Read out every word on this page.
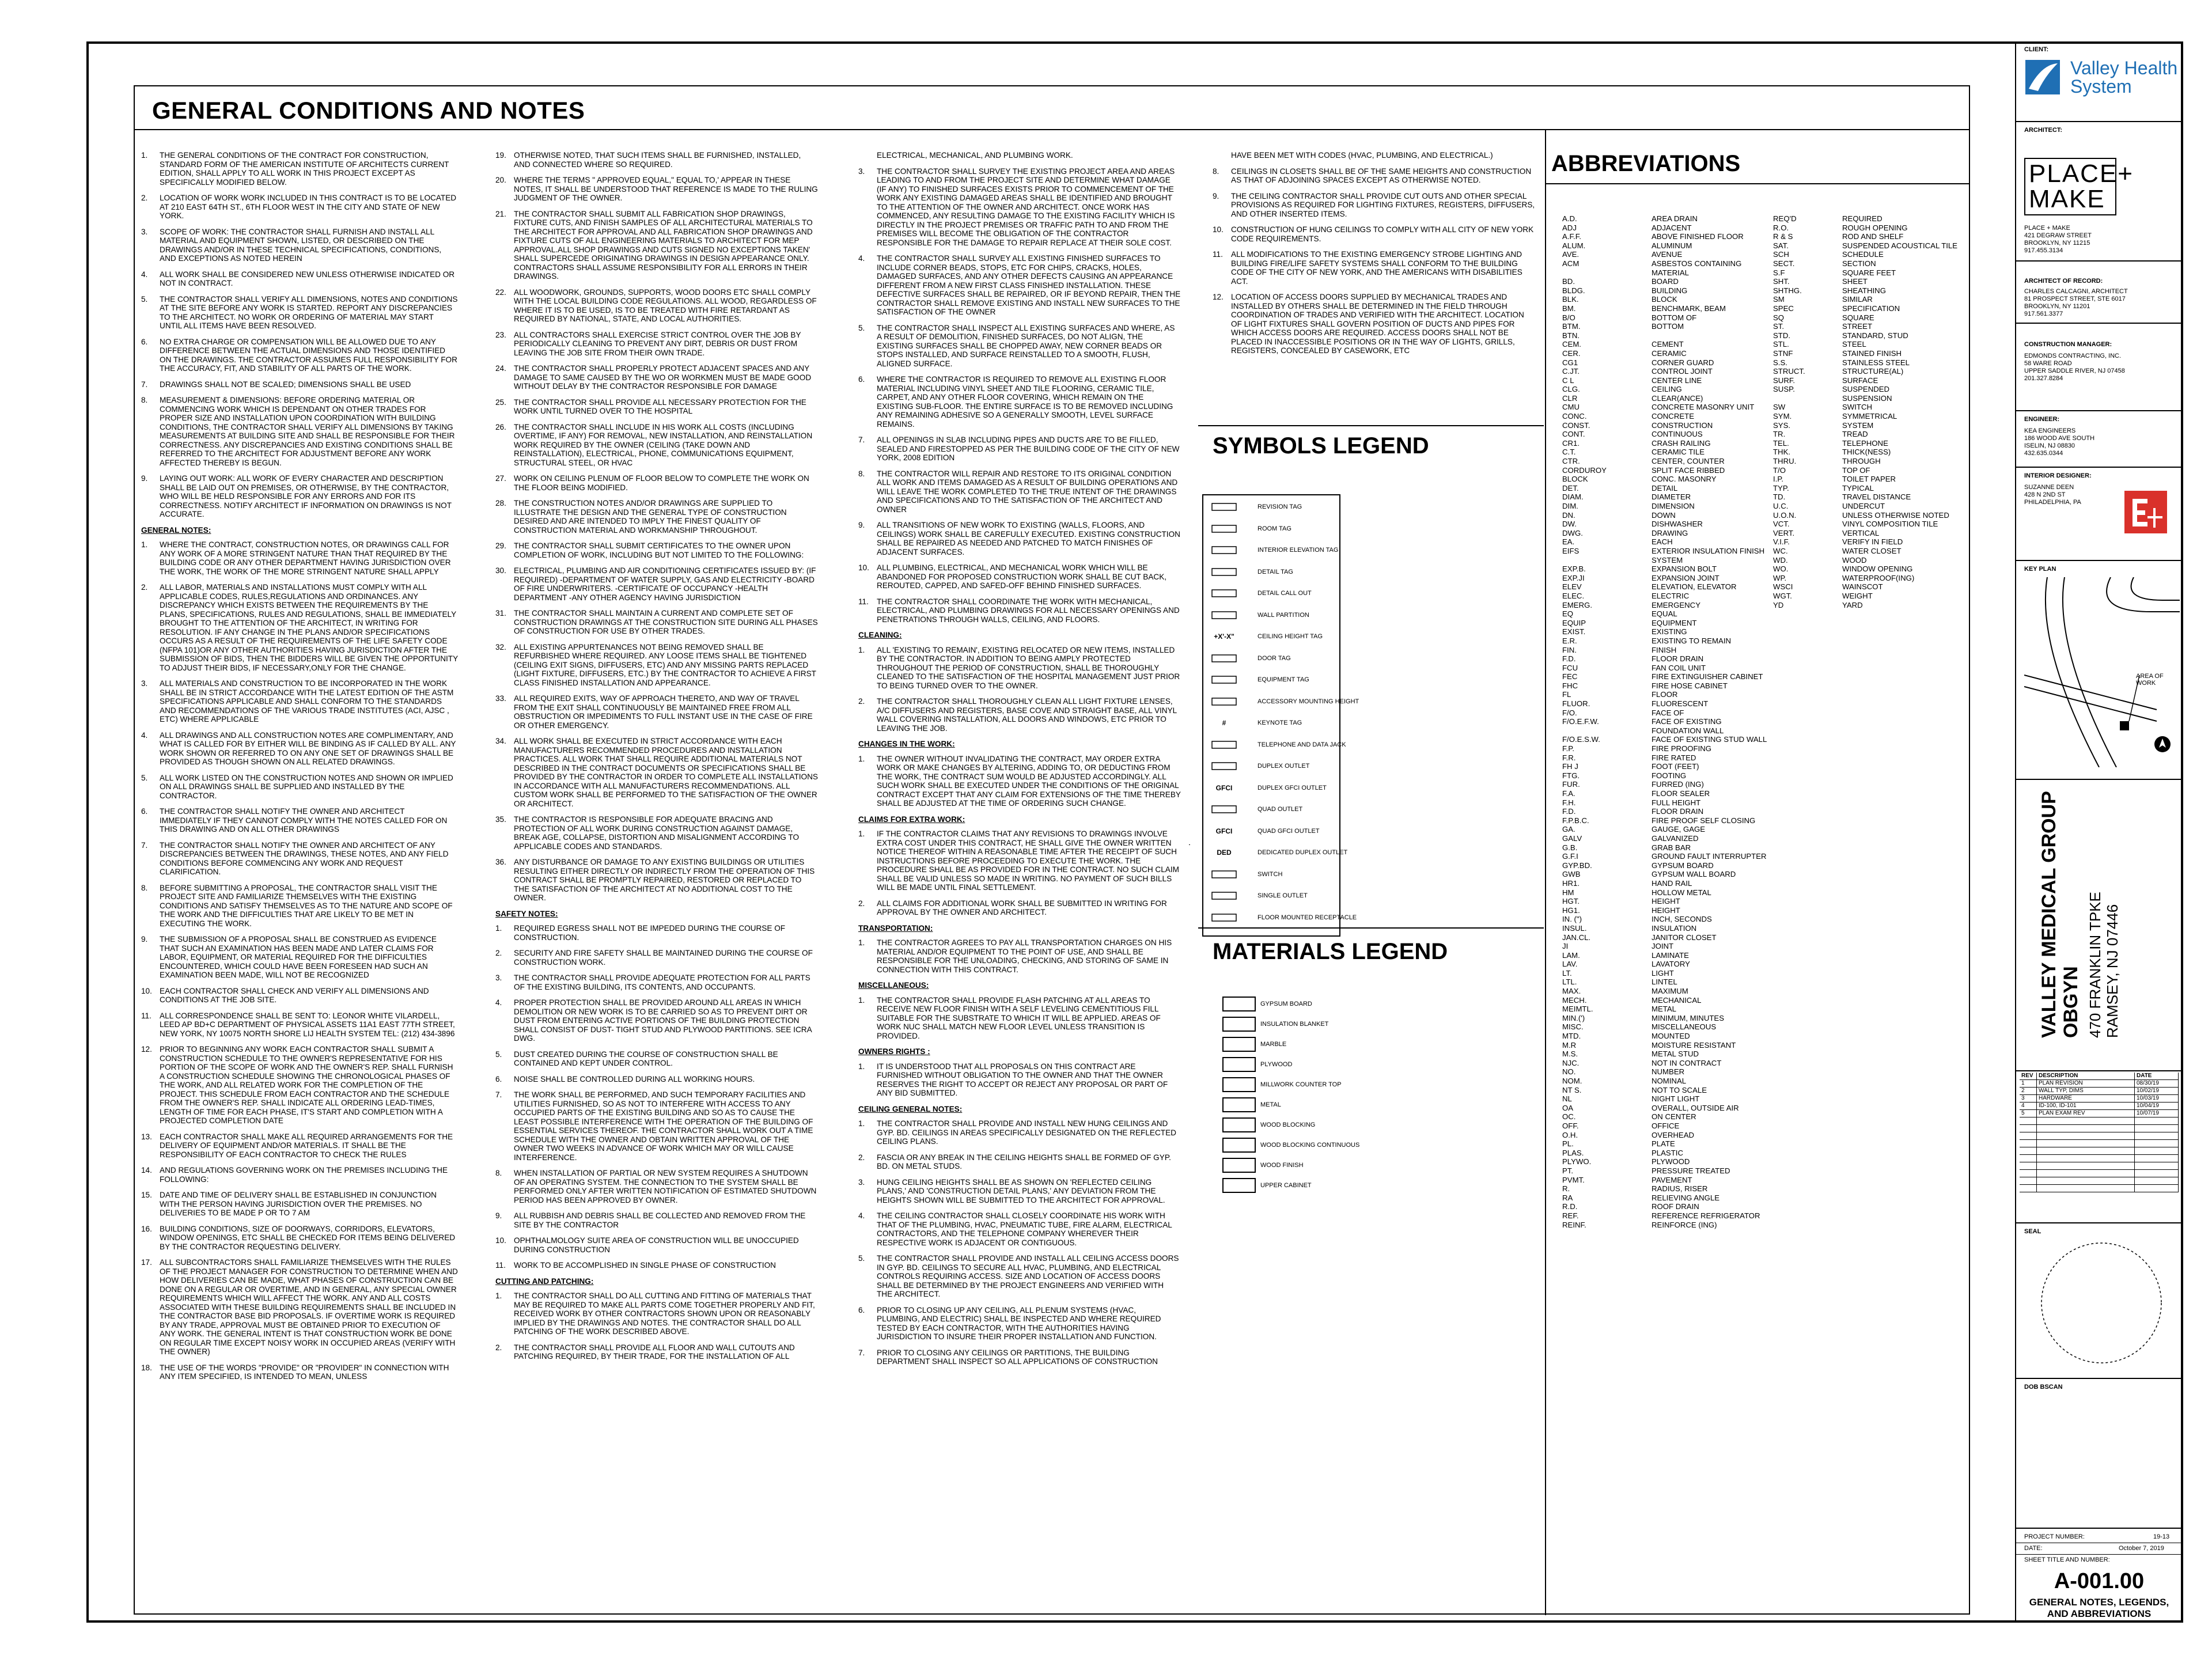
GENERAL CONDITIONS AND NOTES
1.	THE GENERAL CONDITIONS OF THE CONTRACT FOR CONSTRUCTION, STANDARD FORM OF THE AMERICAN INSTITUTE OF ARCHITECTS CURRENT EDITION, SHALL APPLY TO ALL WORK IN THIS PROJECT EXCEPT AS SPECIFICALLY MODIFIED BELOW.
2.	LOCATION OF WORK WORK INCLUDED IN THIS CONTRACT IS TO BE LOCATED AT 210 EAST 64TH ST., 6TH FLOOR WEST IN THE CITY AND STATE OF NEW YORK.
3.	SCOPE OF WORK: THE CONTRACTOR SHALL FURNISH AND INSTALL ALL MATERIAL AND EQUIPMENT SHOWN, LISTED, OR DESCRIBED ON THE DRAWINGS AND/OR IN THESE TECHNICAL SPECIFICATIONS, CONDITIONS, AND EXCEPTIONS AS NOTED HEREIN
4.	ALL WORK SHALL BE CONSIDERED NEW UNLESS OTHERWISE INDICATED OR NOT IN CONTRACT.
5.	THE CONTRACTOR SHALL VERIFY ALL DIMENSIONS, NOTES AND CONDITIONS AT THE SITE BEFORE ANY WORK IS STARTED. REPORT ANY DISCREPANCIES TO THE ARCHITECT. NO WORK OR ORDERING OF MATERIAL MAY START UNTIL ALL ITEMS HAVE BEEN RESOLVED.
6.	NO EXTRA CHARGE OR COMPENSATION WILL BE ALLOWED DUE TO ANY DIFFERENCE BETWEEN THE ACTUAL DIMENSIONS AND THOSE IDENTIFIED ON THE DRAWINGS. THE CONTRACTOR ASSUMES FULL RESPONSIBILITY FOR THE ACCURACY, FIT, AND STABILITY OF ALL PARTS OF THE WORK.
7.	DRAWINGS SHALL NOT BE SCALED; DIMENSIONS SHALL BE USED
8.	MEASUREMENT & DIMENSIONS: BEFORE ORDERING MATERIAL OR COMMENCING WORK WHICH IS DEPENDANT ON OTHER TRADES FOR PROPER SIZE AND INSTALLATION UPON COORDINATION WITH BUILDING CONDITIONS, THE CONTRACTOR SHALL VERIFY ALL DIMENSIONS BY TAKING MEASUREMENTS AT BUILDING SITE AND SHALL BE RESPONSIBLE FOR THEIR CORRECTNESS. ANY DISCREPANCIES AND EXISTING CONDITIONS SHALL BE REFERRED TO THE ARCHITECT FOR ADJUSTMENT BEFORE ANY WORK AFFECTED THEREBY IS BEGUN.
9.	LAYING OUT WORK: ALL WORK OF EVERY CHARACTER AND DESCRIPTION SHALL BE LAID OUT ON PREMISES, OR OTHERWISE, BY THE CONTRACTOR, WHO WILL BE HELD RESPONSIBLE FOR ANY ERRORS AND FOR ITS CORRECTNESS. NOTIFY ARCHITECT IF INFORMATION ON DRAWINGS IS NOT ACCURATE.
GENERAL NOTES:
1.	WHERE THE CONTRACT, CONSTRUCTION NOTES, OR DRAWINGS CALL FOR ANY WORK OF A MORE STRINGENT NATURE THAN THAT REQUIRED BY THE BUILDING CODE OR ANY OTHER DEPARTMENT HAVING JURISDICTION OVER THE WORK, THE WORK OF THE MORE STRINGENT NATURE SHALL APPLY
2.	ALL LABOR, MATERIALS AND INSTALLATIONS MUST COMPLY WITH ALL APPLICABLE CODES, RULES,REGULATIONS AND ORDINANCES. ANY DISCREPANCY WHICH EXISTS BETWEEN THE REQUIREMENTS BY THE PLANS, SPECIFICATIONS, RULES AND REGULATIONS, SHALL BE IMMEDIATELY BROUGHT TO THE ATTENTION OF THE ARCHITECT, IN WRITING FOR RESOLUTION. IF ANY CHANGE IN THE PLANS AND/OR SPECIFICATIONS OCCURS AS A RESULT OF THE REQUIREMENTS OF THE LIFE SAFETY CODE (NFPA 101)OR ANY OTHER AUTHORITIES HAVING JURISDICTION AFTER THE SUBMISSION OF BIDS, THEN THE BIDDERS WILL BE GIVEN THE OPPORTUNITY TO ADJUST THEIR BIDS, IF NECESSARY,ONLY FOR THE CHANGE.
3.	ALL MATERIALS AND CONSTRUCTION TO BE INCORPORATED IN THE WORK SHALL BE IN STRICT ACCORDANCE WITH THE LATEST EDITION OF THE ASTM SPECIFICATIONS APPLICABLE AND SHALL CONFORM TO THE STANDARDS AND RECOMMENDATIONS OF THE VARIOUS TRADE INSTITUTES (ACI, AJSC , ETC) WHERE APPLICABLE
4.	ALL DRAWINGS AND ALL CONSTRUCTION NOTES ARE COMPLIMENTARY, AND WHAT IS CALLED FOR BY EITHER WILL BE BINDING AS IF CALLED BY ALL. ANY WORK SHOWN OR REFERRED TO ON ANY ONE SET OF DRAWINGS SHALL BE PROVIDED AS THOUGH SHOWN ON ALL RELATED DRAWINGS.
5.	ALL WORK LISTED ON THE CONSTRUCTION NOTES AND SHOWN OR IMPLIED ON ALL DRAWINGS SHALL BE SUPPLIED AND INSTALLED BY THE CONTRACTOR.
6.	THE CONTRACTOR SHALL NOTIFY THE OWNER AND ARCHITECT IMMEDIATELY IF THEY CANNOT COMPLY WITH THE NOTES CALLED FOR ON THIS DRAWING AND ON ALL OTHER DRAWINGS
7.	THE CONTRACTOR SHALL NOTIFY THE OWNER AND ARCHITECT OF ANY DISCREPANCIES BETWEEN THE DRAWINGS, THESE NOTES, AND ANY FIELD CONDITIONS BEFORE COMMENCING ANY WORK AND REQUEST CLARIFICATION.
8.	BEFORE SUBMITTING A PROPOSAL, THE CONTRACTOR SHALL VISIT THE PROJECT SITE AND FAMILIARIZE THEMSELVES WITH THE EXISTING CONDITIONS AND SATISFY THEMSELVES AS TO THE NATURE AND SCOPE OF THE WORK AND THE DIFFICULTIES THAT ARE LIKELY TO BE MET IN EXECUTING THE WORK.
9.	THE SUBMISSION OF A PROPOSAL SHALL BE CONSTRUED AS EVIDENCE THAT SUCH AN EXAMINATION HAS BEEN MADE AND LATER CLAIMS FOR LABOR, EQUIPMENT, OR MATERIAL REQUIRED FOR THE DIFFICULTIES ENCOUNTERED, WHICH COULD HAVE BEEN FORESEEN HAD SUCH AN EXAMINATION BEEN MADE, WILL NOT BE RECOGNIZED
10. EACH CONTRACTOR SHALL CHECK AND VERIFY ALL DIMENSIONS AND CONDITIONS AT THE JOB SITE.
11.	ALL CORRESPONDENCE SHALL BE SENT TO: LEONOR WHITE VILARDELL, LEED AP BD+C DEPARTMENT OF PHYSICAL ASSETS 11A1 EAST 77TH STREET, NEW YORK, NY 10075 NORTH SHORE LIJ HEALTH SYSTEM TEL: (212) 434-3896
12. PRIOR TO BEGINNING ANY WORK EACH CONTRACTOR SHALL SUBMIT A CONSTRUCTION SCHEDULE TO THE OWNER'S REPRESENTATIVE FOR HIS PORTION OF THE SCOPE OF WORK AND THE OWNER'S REP. SHALL FURNISH A CONSTRUCTION SCHEDULE SHOWING THE CHRONOLOGICAL PHASES OF THE WORK, AND ALL RELATED WORK FOR THE COMPLETION OF THE PROJECT. THIS SCHEDULE FROM EACH CONTRACTOR AND THE SCHEDULE FROM THE OWNER'S REP. SHALL INDICATE ALL ORDERING LEAD-TIMES, LENGTH OF TIME FOR EACH PHASE, IT'S START AND COMPLETION WITH A PROJECTED COMPLETION DATE
13. EACH CONTRACTOR SHALL MAKE ALL REQUIRED ARRANGEMENTS FOR THE DELIVERY OF EQUIPMENT AND/OR MATERIALS. IT SHALL BE THE RESPONSIBILITY OF EACH CONTRACTOR TO CHECK THE RULES
14. AND REGULATIONS GOVERNING WORK ON THE PREMISES INCLUDING THE FOLLOWING:
15. DATE AND TIME OF DELIVERY SHALL BE ESTABLISHED IN CONJUNCTION WITH THE PERSON HAVING JURISDICTION OVER THE PREMISES. NO DELIVERIES TO BE MADE P OR TO 7 AM
16. BUILDING CONDITIONS, SIZE OF DOORWAYS, CORRIDORS, ELEVATORS, WINDOW OPENINGS, ETC SHALL BE CHECKED FOR ITEMS BEING DELIVERED BY THE CONTRACTOR REQUESTING DELIVERY.
17. ALL SUBCONTRACTORS SHALL FAMILIARIZE THEMSELVES WITH THE RULES OF THE PROJECT MANAGER FOR CONSTRUCTION TO DETERMINE WHEN AND HOW DELIVERIES CAN BE MADE, WHAT PHASES OF CONSTRUCTION CAN BE DONE ON A REGULAR OR OVERTIME, AND IN GENERAL, ANY SPECIAL OWNER REQUIREMENTS WHICH WILL AFFECT THE WORK. ANY AND ALL COSTS ASSOCIATED WITH THESE BUILDING REQUIREMENTS SHALL BE INCLUDED IN THE CONTRACTOR BASE BID PROPOSALS. IF OVERTIME WORK IS REQUIRED BY ANY TRADE, APPROVAL MUST BE OBTAINED PRIOR TO EXECUTION OF ANY WORK. THE GENERAL INTENT IS THAT CONSTRUCTION WORK BE DONE ON REGULAR TIME EXCEPT NOISY WORK IN OCCUPIED AREAS (VERIFY WITH THE OWNER)
18. THE USE OF THE WORDS "PROVIDE" OR "PROVIDER" IN CONNECTION WITH ANY ITEM SPECIFIED, IS INTENDED TO MEAN, UNLESS
19. OTHERWISE NOTED, THAT SUCH ITEMS SHALL BE FURNISHED, INSTALLED, AND CONNECTED WHERE SO REQUIRED.
20. WHERE THE TERMS " APPROVED EQUAL," EQUAL TO,' APPEAR IN THESE NOTES, IT SHALL BE UNDERSTOOD THAT REFERENCE IS MADE TO THE RULING JUDGMENT OF THE OWNER.
21. THE CONTRACTOR SHALL SUBMIT ALL FABRICATION SHOP DRAWINGS, FIXTURE CUTS, AND FINISH SAMPLES OF ALL ARCHITECTURAL MATERIALS TO THE ARCHITECT FOR APPROVAL AND ALL FABRICATION SHOP DRAWINGS AND FIXTURE CUTS OF ALL ENGINEERING MATERIALS TO ARCHITECT FOR MEP APPROVAL.ALL SHOP DRAWINGS AND CUTS SIGNED NO EXCEPTIONS TAKEN' SHALL SUPERCEDE ORIGINATING DRAWINGS IN DESIGN APPEARANCE ONLY. CONTRACTORS SHALL ASSUME RESPONSIBILITY FOR ALL ERRORS IN THEIR DRAWINGS.
22. ALL WOODWORK, GROUNDS, SUPPORTS, WOOD DOORS ETC SHALL COMPLY WITH THE LOCAL BUILDING CODE REGULATIONS. ALL WOOD, REGARDLESS OF WHERE IT IS TO BE USED, IS TO BE TREATED WITH FIRE RETARDANT AS REQUIRED BY NATIONAL, STATE, AND LOCAL AUTHORITIES.
23. ALL CONTRACTORS SHALL EXERCISE STRICT CONTROL OVER THE JOB BY PERIODICALLY CLEANING TO PREVENT ANY DIRT, DEBRIS OR DUST FROM LEAVING THE JOB SITE FROM THEIR OWN TRADE.
24. THE CONTRACTOR SHALL PROPERLY PROTECT ADJACENT SPACES AND ANY DAMAGE TO SAME CAUSED BY THE WO OR WORKMEN MUST BE MADE GOOD WITHOUT DELAY BY THE CONTRACTOR RESPONSIBLE FOR DAMAGE
25. THE CONTRACTOR SHALL PROVIDE ALL NECESSARY PROTECTION FOR THE WORK UNTIL TURNED OVER TO THE HOSPITAL
26. THE CONTRACTOR SHALL INCLUDE IN HIS WORK ALL COSTS (INCLUDING OVERTIME, IF ANY) FOR REMOVAL, NEW INSTALLATION, AND REINSTALLATION WORK REQUIRED BY THE OWNER (CEILING (TAKE DOWN AND REINSTALLATION), ELECTRICAL, PHONE, COMMUNICATIONS EQUIPMENT, STRUCTURAL STEEL, OR HVAC
27. WORK ON CEILING PLENUM OF FLOOR BELOW TO COMPLETE THE WORK ON THE FLOOR BEING MODIFIED.
28. THE CONSTRUCTION NOTES AND/OR DRAWINGS ARE SUPPLIED TO ILLUSTRATE THE DESIGN AND THE GENERAL TYPE OF CONSTRUCTION DESIRED AND ARE INTENDED TO IMPLY THE FINEST QUALITY OF CONSTRUCTION MATERIAL AND WORKMANSHIP THROUGHOUT.
29. THE CONTRACTOR SHALL SUBMIT CERTIFICATES TO THE OWNER UPON COMPLETION OF WORK, INCLUDING BUT NOT LIMITED TO THE FOLLOWING:
30. ELECTRICAL, PLUMBING AND AIR CONDITIONING CERTIFICATES ISSUED BY: (IF REQUIRED) -DEPARTMENT OF WATER SUPPLY, GAS AND ELECTRICITY -BOARD OF FIRE UNDERWRITERS. -CERTIFICATE OF OCCUPANCY -HEALTH DEPARTMENT -ANY OTHER AGENCY HAVING JURISDICTION
31. THE CONTRACTOR SHALL MAINTAIN A CURRENT AND COMPLETE SET OF CONSTRUCTION DRAWINGS AT THE CONSTRUCTION SITE DURING ALL PHASES OF CONSTRUCTION FOR USE BY OTHER TRADES.
32. ALL EXISTING APPURTENANCES NOT BEING REMOVED SHALL BE REFURBISHED WHERE REQUIRED. ANY LOOSE ITEMS SHALL BE TIGHTENED (CEILING EXIT SIGNS, DIFFUSERS, ETC) AND ANY MISSING PARTS REPLACED (LIGHT FIXTURE, DIFFUSERS, ETC.) BY THE CONTRACTOR TO ACHIEVE A FIRST CLASS FINISHED INSTALLATION AND APPEARANCE.
33. ALL REQUIRED EXITS, WAY OF APPROACH THERETO, AND WAY OF TRAVEL FROM THE EXIT SHALL CONTINUOUSLY BE MAINTAINED FREE FROM ALL OBSTRUCTION OR IMPEDIMENTS TO FULL INSTANT USE IN THE CASE OF FIRE OR OTHER EMERGENCY.
34. ALL WORK SHALL BE EXECUTED IN STRICT ACCORDANCE WITH EACH MANUFACTURERS RECOMMENDED PROCEDURES AND INSTALLATION PRACTICES. ALL WORK THAT SHALL REQUIRE ADDITIONAL MATERIALS NOT DESCRIBED IN THE CONTRACT DOCUMENTS OR SPECIFICATIONS SHALL BE PROVIDED BY THE CONTRACTOR IN ORDER TO COMPLETE ALL INSTALLATIONS IN ACCORDANCE WITH ALL MANUFACTURERS RECOMMENDATIONS. ALL CUSTOM WORK SHALL BE PERFORMED TO THE SATISFACTION OF THE OWNER OR ARCHITECT.
35. THE CONTRACTOR IS RESPONSIBLE FOR ADEQUATE BRACING AND PROTECTION OF ALL WORK DURING CONSTRUCTION AGAINST DAMAGE, BREAK AGE, COLLAPSE, DISTORTION AND MISALIGNMENT ACCORDING TO APPLICABLE CODES AND STANDARDS.
36. ANY DISTURBANCE OR DAMAGE TO ANY EXISTING BUILDINGS OR UTILITIES RESULTING EITHER DIRECTLY OR INDIRECTLY FROM THE OPERATION OF THIS CONTRACT SHALL BE PROMPTLY REPAIRED, RESTORED OR REPLACED TO THE SATISFACTION OF THE ARCHITECT AT NO ADDITIONAL COST TO THE OWNER.
SAFETY NOTES:
1.	REQUIRED EGRESS SHALL NOT BE IMPEDED DURING THE COURSE OF CONSTRUCTION.
2.	SECURITY AND FIRE SAFETY SHALL BE MAINTAINED DURING THE COURSE OF CONSTRUCTION WORK.
3.	THE CONTRACTOR SHALL PROVIDE ADEQUATE PROTECTION FOR ALL PARTS OF THE EXISTING BUILDING, ITS CONTENTS, AND OCCUPANTS.
4.	PROPER PROTECTION SHALL BE PROVIDED AROUND ALL AREAS IN WHICH DEMOLITION OR NEW WORK IS TO BE CARRIED SO AS TO PREVENT DIRT OR DUST FROM ENTERING ACTIVE PORTIONS OF THE BUILDING PROTECTION SHALL CONSIST OF DUST- TIGHT STUD AND PLYWOOD PARTITIONS. SEE ICRA DWG.
5.	DUST CREATED DURING THE COURSE OF CONSTRUCTION SHALL BE CONTAINED AND KEPT UNDER CONTROL.
6.	NOISE SHALL BE CONTROLLED DURING ALL WORKING HOURS.
7.	THE WORK SHALL BE PERFORMED, AND SUCH TEMPORARY FACILITIES AND UTILITIES FURNISHED, SO AS NOT TO INTERFERE WITH ACCESS TO ANY OCCUPIED PARTS OF THE EXISTING BUILDING AND SO AS TO CAUSE THE LEAST POSSIBLE INTERFERENCE WITH THE OPERATION OF THE BUILDING OF ESSENTIAL SERVICES THEREOF. THE CONTRACTOR SHALL WORK OUT A TIME SCHEDULE WITH THE OWNER AND OBTAIN WRITTEN APPROVAL OF THE OWNER TWO WEEKS IN ADVANCE OF WORK WHICH MAY OR WILL CAUSE INTERFERENCE.
8.	WHEN INSTALLATION OF PARTIAL OR NEW SYSTEM REQUIRES A SHUTDOWN OF AN OPERATING SYSTEM. THE CONNECTION TO THE SYSTEM SHALL BE PERFORMED ONLY AFTER WRITTEN NOTIFICATION OF ESTIMATED SHUTDOWN PERIOD HAS BEEN APPROVED BY OWNER.
9.	ALL RUBBISH AND DEBRIS SHALL BE COLLECTED AND REMOVED FROM THE SITE BY THE CONTRACTOR
10. OPHTHALMOLOGY SUITE AREA OF CONSTRUCTION WILL BE UNOCCUPIED DURING CONSTRUCTION
11.	WORK TO BE ACCOMPLISHED IN SINGLE PHASE OF CONSTRUCTION
CUTTING AND PATCHING:
1.	THE CONTRACTOR SHALL DO ALL CUTTING AND FITTING OF MATERIALS THAT MAY BE REQUIRED TO MAKE ALL PARTS COME TOGETHER PROPERLY AND FIT, RECEIVED WORK BY OTHER CONTRACTORS SHOWN UPON OR REASONABLY IMPLIED BY THE DRAWINGS AND NOTES. THE CONTRACTOR SHALL DO ALL PATCHING OF THE WORK DESCRIBED ABOVE.
2.	THE CONTRACTOR SHALL PROVIDE ALL FLOOR AND WALL CUTOUTS AND PATCHING REQUIRED, BY THEIR TRADE, FOR THE INSTALLATION OF ALL
ELECTRICAL, MECHANICAL, AND PLUMBING WORK.
3.	THE CONTRACTOR SHALL SURVEY THE EXISTING PROJECT AREA AND AREAS LEADING TO AND FROM THE PROJECT SITE AND DETERMINE WHAT DAMAGE (IF ANY) TO FINISHED SURFACES EXISTS PRIOR TO COMMENCEMENT OF THE WORK ANY EXISTING DAMAGED AREAS SHALL BE IDENTIFIED AND BROUGHT TO THE ATTENTION OF THE OWNER AND ARCHITECT. ONCE WORK HAS COMMENCED, ANY RESULTING DAMAGE TO THE EXISTING FACILITY WHICH IS DIRECTLY IN THE PROJECT PREMISES OR TRAFFIC PATH TO AND FROM THE PREMISES WILL BECOME THE OBLIGATION OF THE CONTRACTOR RESPONSIBLE FOR THE DAMAGE TO REPAIR REPLACE AT THEIR SOLE COST.
4.	THE CONTRACTOR SHALL SURVEY ALL EXISTING FINISHED SURFACES TO INCLUDE CORNER BEADS, STOPS, ETC FOR CHIPS, CRACKS, HOLES, DAMAGED SURFACES, AND ANY OTHER DEFECTS CAUSING AN APPEARANCE DIFFERENT FROM A NEW FIRST CLASS FINISHED INSTALLATION. THESE DEFECTIVE SURFACES SHALL BE REPAIRED, OR IF BEYOND REPAIR, THEN THE CONTRACTOR SHALL REMOVE EXISTING AND INSTALL NEW SURFACES TO THE SATISFACTION OF THE OWNER
5.	THE CONTRACTOR SHALL INSPECT ALL EXISTING SURFACES AND WHERE, AS A RESULT OF DEMOLITION, FINISHED SURFACES, DO NOT ALIGN, THE EXISTING SURFACES SHALL BE CHOPPED AWAY, NEW CORNER BEADS OR STOPS INSTALLED, AND SURFACE REINSTALLED TO A SMOOTH, FLUSH, ALIGNED SURFACE.
6.	WHERE THE CONTRACTOR IS REQUIRED TO REMOVE ALL EXISTING FLOOR MATERIAL INCLUDING VINYL SHEET AND TILE FLOORING, CERAMIC TILE, CARPET, AND ANY OTHER FLOOR COVERING, WHICH REMAIN ON THE EXISTING SUB-FLOOR. THE ENTIRE SURFACE IS TO BE REMOVED INCLUDING ANY REMAINING ADHESIVE SO A GENERALLY SMOOTH, LEVEL SURFACE REMAINS.
7.	ALL OPENINGS IN SLAB INCLUDING PIPES AND DUCTS ARE TO BE FILLED, SEALED AND FIRESTOPPED AS PER THE BUILDING CODE OF THE CITY OF NEW YORK, 2008 EDITION
8.	THE CONTRACTOR WILL REPAIR AND RESTORE TO ITS ORIGINAL CONDITION ALL WORK AND ITEMS DAMAGED AS A RESULT OF BUILDING OPERATIONS AND WILL LEAVE THE WORK COMPLETED TO THE TRUE INTENT OF THE DRAWINGS AND SPECIFICATIONS AND TO THE SATISFACTION OF THE ARCHITECT AND OWNER
9.	ALL TRANSITIONS OF NEW WORK TO EXISTING (WALLS, FLOORS, AND CEILINGS) WORK SHALL BE CAREFULLY EXECUTED. EXISTING CONSTRUCTION SHALL BE REPAIRED AS NEEDED AND PATCHED TO MATCH FINISHES OF ADJACENT SURFACES.
10. ALL PLUMBING, ELECTRICAL, AND MECHANICAL WORK WHICH WILL BE ABANDONED FOR PROPOSED CONSTRUCTION WORK SHALL BE CUT BACK, REROUTED, CAPPED, AND SAFED-OFF BEHIND FINISHED SURFACES.
11.	THE CONTRACTOR SHALL COORDINATE THE WORK WITH MECHANICAL, ELECTRICAL, AND PLUMBING DRAWINGS FOR ALL NECESSARY OPENINGS AND PENETRATIONS THROUGH WALLS, CEILING, AND FLOORS.
CLEANING:
1.	ALL 'EXISTING TO REMAIN', EXISTING RELOCATED OR NEW ITEMS, INSTALLED BY THE CONTRACTOR. IN ADDITION TO BEING AMPLY PROTECTED THROUGHOUT THE PERIOD OF CONSTRUCTION, SHALL BE THOROUGHLY CLEANED TO THE SATISFACTION OF THE HOSPITAL MANAGEMENT JUST PRIOR TO BEING TURNED OVER TO THE OWNER.
2.	THE CONTRACTOR SHALL THOROUGHLY CLEAN ALL LIGHT FIXTURE LENSES, A/C DIFFUSERS AND REGISTERS, BASE COVE AND STRAIGHT BASE, ALL VINYL WALL COVERING INSTALLATION, ALL DOORS AND WINDOWS, ETC PRIOR TO LEAVING THE JOB.
CHANGES IN THE WORK:
1.	THE OWNER WITHOUT INVALIDATING THE CONTRACT, MAY ORDER EXTRA WORK OR MAKE CHANGES BY ALTERING, ADDING TO, OR DEDUCTING FROM THE WORK, THE CONTRACT SUM WOULD BE ADJUSTED ACCORDINGLY. ALL SUCH WORK SHALL BE EXECUTED UNDER THE CONDITIONS OF THE ORIGINAL CONTRACT EXCEPT THAT ANY CLAIM FOR EXTENSIONS OF THE TIME THEREBY SHALL BE ADJUSTED AT THE TIME OF ORDERING SUCH CHANGE.
CLAIMS FOR EXTRA WORK:
1.	IF THE CONTRACTOR CLAIMS THAT ANY REVISIONS TO DRAWINGS INVOLVE EXTRA COST UNDER THIS CONTRACT, HE SHALL GIVE THE OWNER WRITTEN NOTICE THEREOF WITHIN A REASONABLE TIME AFTER THE RECEIPT OF SUCH INSTRUCTIONS BEFORE PROCEEDING TO EXECUTE THE WORK. THE PROCEDURE SHALL BE AS PROVIDED FOR IN THE CONTRACT. NO SUCH CLAIM SHALL BE VALID UNLESS SO MADE IN WRITING. NO PAYMENT OF SUCH BILLS WILL BE MADE UNTIL FINAL SETTLEMENT.
2.	ALL CLAIMS FOR ADDITIONAL WORK SHALL BE SUBMITTED IN WRITING FOR APPROVAL BY THE OWNER AND ARCHITECT.
TRANSPORTATION:
1.	THE CONTRACTOR AGREES TO PAY ALL TRANSPORTATION CHARGES ON HIS MATERIAL AND/OR EQUIPMENT TO THE POINT OF USE, AND SHALL BE RESPONSIBLE FOR THE UNLOADING, CHECKING, AND STORING OF SAME IN CONNECTION WITH THIS CONTRACT.
MISCELLANEOUS:
1.	THE CONTRACTOR SHALL PROVIDE FLASH PATCHING AT ALL AREAS TO RECEIVE NEW FLOOR FINISH WITH A SELF LEVELING CEMENTITIOUS FILL SUITABLE FOR THE SUBSTRATE TO WHICH IT WILL BE APPLIED. AREAS OF WORK NUC SHALL MATCH NEW FLOOR LEVEL UNLESS TRANSITION IS PROVIDED.
OWNERS RIGHTS :
1.	IT IS UNDERSTOOD THAT ALL PROPOSALS ON THIS CONTRACT ARE FURNISHED WITHOUT OBLIGATION TO THE OWNER AND THAT THE OWNER RESERVES THE RIGHT TO ACCEPT OR REJECT ANY PROPOSAL OR PART OF ANY BID SUBMITTED.
CEILING GENERAL NOTES:
1.	THE CONTRACTOR SHALL PROVIDE AND INSTALL NEW HUNG CEILINGS AND GYP. BD. CEILINGS IN AREAS SPECIFICALLY DESIGNATED ON THE REFLECTED CEILING PLANS.
2.	FASCIA OR ANY BREAK IN THE CEILING HEIGHTS SHALL BE FORMED OF GYP. BD. ON METAL STUDS.
3.	HUNG CEILING HEIGHTS SHALL BE AS SHOWN ON 'REFLECTED CEILING PLANS,' AND 'CONSTRUCTION DETAIL PLANS,' ANY DEVIATION FROM THE HEIGHTS SHOWN WILL BE SUBMITTED TO THE ARCHITECT FOR APPROVAL.
4.	THE CEILING CONTRACTOR SHALL CLOSELY COORDINATE HIS WORK WITH THAT OF THE PLUMBING, HVAC, PNEUMATIC TUBE, FIRE ALARM, ELECTRICAL CONTRACTORS, AND THE TELEPHONE COMPANY WHEREVER THEIR RESPECTIVE WORK IS ADJACENT OR CONTIGUOUS.
5.	THE CONTRACTOR SHALL PROVIDE AND INSTALL ALL CEILING ACCESS DOORS IN GYP. BD. CEILINGS TO SECURE ALL HVAC, PLUMBING, AND ELECTRICAL CONTROLS REQUIRING ACCESS. SIZE AND LOCATION OF ACCESS DOORS SHALL BE DETERMINED BY THE PROJECT ENGINEERS AND VERIFIED WITH THE ARCHITECT.
6.	PRIOR TO CLOSING UP ANY CEILING, ALL PLENUM SYSTEMS (HVAC, PLUMBING, AND ELECTRIC) SHALL BE INSPECTED AND WHERE REQUIRED TESTED BY EACH CONTRACTOR, WITH THE AUTHORITIES HAVING JURISDICTION TO INSURE THEIR PROPER INSTALLATION AND FUNCTION.
7.	PRIOR TO CLOSING ANY CEILINGS OR PARTITIONS, THE BUILDING DEPARTMENT SHALL INSPECT SO ALL APPLICATIONS OF CONSTRUCTION
HAVE BEEN MET WITH CODES (HVAC, PLUMBING, AND ELECTRICAL.)
8.	CEILINGS IN CLOSETS SHALL BE OF THE SAME HEIGHTS AND CONSTRUCTION AS THAT OF ADJOINING SPACES EXCEPT AS OTHERWISE NOTED.
9.	THE CEILING CONTRACTOR SHALL PROVIDE CUT OUTS AND OTHER SPECIAL PROVISIONS AS REQUIRED FOR LIGHTING FIXTURES, REGISTERS, DIFFUSERS, AND OTHER INSERTED ITEMS.
10. CONSTRUCTION OF HUNG CEILINGS TO COMPLY WITH ALL CITY OF NEW YORK CODE REQUIREMENTS.
11.	ALL MODIFICATIONS TO THE EXISTING EMERGENCY STROBE LIGHTING AND BUILDING FIRE/LIFE SAFETY SYSTEMS SHALL CONFORM TO THE BUILDING CODE OF THE CITY OF NEW YORK, AND THE AMERICANS WITH DISABILITIES ACT.
12. LOCATION OF ACCESS DOORS SUPPLIED BY MECHANICAL TRADES AND INSTALLED BY OTHERS SHALL BE DETERMINED IN THE FIELD THROUGH COORDINATION OF TRADES AND VERIFIED WITH THE ARCHITECT. LOCATION OF LIGHT FIXTURES SHALL GOVERN POSITION OF DUCTS AND PIPES FOR WHICH ACCESS DOORS ARE REQUIRED. ACCESS DOORS SHALL NOT BE PLACED IN INACCESSIBLE POSITIONS OR IN THE WAY OF LIGHTS, GRILLS, REGISTERS, CONCEALED BY CASEWORK, ETC
SYMBOLS LEGEND
REVISION TAG
ROOM TAG
INTERIOR ELEVATION TAG
DETAIL TAG
DETAIL CALL OUT
WALL PARTITION
+X'-X"	CEILING HEIGHT TAG
DOOR TAG
EQUIPMENT TAG
ACCESSORY MOUNTING HEIGHT
#	KEYNOTE TAG
TELEPHONE AND DATA JACK
DUPLEX OUTLET
GFCI	DUPLEX GFCI OUTLET
QUAD OUTLET
GFCI	QUAD GFCI OUTLET
DED	DEDICATED DUPLEX OUTLET
SWITCH
SINGLE OUTLET
FLOOR MOUNTED RECEPTACLE
MATERIALS LEGEND
GYPSUM BOARD
INSULATION BLANKET
MARBLE
PLYWOOD
MILLWORK COUNTER TOP
METAL
WOOD BLOCKING
WOOD BLOCKING CONTINUOUS
WOOD FINISH
UPPER CABINET
ABBREVIATIONS
A.D.	AREA DRAIN
ADJ	ADJACENT
A.F.F.	ABOVE FINISHED FLOOR
ALUM.	ALUMINUM
AVE.	AVENUE
ACM	ASBESTOS CONTAINING MATERIAL
BD.	BOARD
BLDG.	BUILDING
BLK.	BLOCK
BM.	BENCHMARK, BEAM
B/O	BOTTOM OF
BTM.	BOTTOM
BTN.
CEM.	CEMENT
CER.	CERAMIC
CG1	CORNER GUARD
C.JT.	CONTROL JOINT
C L	CENTER LINE
CLG.	CEILING
CLR	CLEAR(ANCE)
CMU	CONCRETE MASONRY UNIT
CONC.	CONCRETE
CONST.	CONSTRUCTION
CONT.	CONTINUOUS
CR1.	CRASH RAILING
C.T.	CERAMIC TILE
CTR.	CENTER, COUNTER
CORDUROY	SPLIT FACE RIBBED
BLOCK	CONC. MASONRY
DET.	DETAIL
DIAM.	DIAMETER
DIM.	DIMENSION
DN.	DOWN
DW.	DISHWASHER
DWG.	DRAWING
EA.	EACH
EIFS	EXTERIOR INSULATION FINISH SYSTEM
EXP.B.	EXPANSION BOLT
EXP.JI	EXPANSION JOINT
ELEV	ELEVATION, ELEVATOR
ELEC.	ELECTRIC
EMERG.	EMERGENCY
EQ	EQUAL
EQUIP	EQUIPMENT
EXIST.	EXISTING
E.R.	EXISTING TO REMAIN
FIN.	FINISH
F.D.	FLOOR DRAIN
FCU	FAN COIL UNIT
FEC	FIRE EXTINGUISHER CABINET
FHC	FIRE HOSE CABINET
FL	FLOOR
FLUOR.	FLUORESCENT
F/O.	FACE OF
F/O.E.F.W.	FACE OF EXISTING FOUNDATION WALL
F/O.E.S.W.	FACE OF EXISTING STUD WALL
F.P.	FIRE PROOFING
F.R.	FIRE RATED
FH J	FOOT (FEET)
FTG.	FOOTING
FUR.	FURRED (ING)
F.A.	FLOOR SEALER
F.H.	FULL HEIGHT
F.D.	FLOOR DRAIN
F.P.B.C.	FIRE PROOF SELF CLOSING
GA.	GAUGE, GAGE
GALV	GALVANIZED
G.B.	GRAB BAR
G.F.I	GROUND FAULT INTERRUPTER
GYP.BD.	GYPSUM BOARD
GWB	GYPSUM WALL BOARD
HR1.	HAND RAIL
HM	HOLLOW METAL
HGT.	HEIGHT
HG1.	HEIGHT
IN. (")	INCH, SECONDS
INSUL.	INSULATION
JAN.CL.	JANITOR CLOSET
JI	JOINT
LAM.	LAMINATE
LAV.	LAVATORY
LT.	LIGHT
LTL.	LINTEL
MAX.	MAXIMUM
MECH.	MECHANICAL
MEIMTL.	METAL
MIN.(')	MINIMUM, MINUTES
MISC.	MISCELLANEOUS
MTD.	MOUNTED
M.R	MOISTURE RESISTANT
M.S.	METAL STUD
NJC.	NOT IN CONTRACT
NO.	NUMBER
NOM.	NOMINAL
NT S.	NOT TO SCALE
NL	NIGHT LIGHT
OA	OVERALL, OUTSIDE AIR
OC.	ON CENTER
OFF.	OFFICE
O.H.	OVERHEAD
PL.	PLATE
PLAS.	PLASTIC
PLYWO.	PLYWOOD
PT.	PRESSURE TREATED
PVMT.	PAVEMENT
R.	RADIUS, RISER
RA	RELIEVING ANGLE
R.D.	ROOF DRAIN
REF.	REFERENCE REFRIGERATOR
REINF.	REINFORCE (ING)
REQ'D	REQUIRED
R.O.	ROUGH OPENING
R & S	ROD AND SHELF
SAT.	SUSPENDED ACOUSTICAL TILE
SCH	SCHEDULE
SECT.	SECTION
S.F	SQUARE FEET
SHT.	SHEET
SHTHG.	SHEATHING
SM	SIMILAR
SPEC	SPECIFICATION
SQ	SQUARE
ST.	STREET
STD.	STANDARD, STUD
STL.	STEEL
STNF	STAINED FINISH
S.S.	STAINLESS STEEL
STRUCT.	STRUCTURE(AL)
SURF.	SURFACE
SUSP.	SUSPENDED
SUSPENSION
SW	SWITCH
SYM.	SYMMETRICAL
SYS.	SYSTEM
TR.	TREAD
TEL.	TELEPHONE
THK.	THICK(NESS)
THRU.	THROUGH
T/O	TOP OF
I.P.	TOILET PAPER
TYP.	TYPICAL
TD.	TRAVEL DISTANCE
U.C.	UNDERCUT
U.O.N.	UNLESS OTHERWISE NOTED
VCT.	VINYL COMPOSITION TILE
VERT.	VERTICAL
V.I.F.	VERIFY IN FIELD
WC.	WATER CLOSET
WD.	WOOD
WO.	WINDOW OPENING
WP.	WATERPROOF(ING)
WSCI	WAINSCOT
WGT.	WEIGHT
YD	YARD
CLIENT:
Valley Health System
ARCHITECT:
PLACE+ MAKE
PLACE + MAKE
421 DEGRAW STREET
BROOKLYN, NY 11215
917.455.3134
ARCHITECT OF RECORD:
CHARLES CALCAGNI, ARCHITECT
81 PROSPECT STREET, STE 6017
BROOKLYN, NY 11201
917.561.3377
CONSTRUCTION MANAGER:
EDMONDS CONTRACTING, INC.
58 WARE ROAD
UPPER SADDLE RIVER, NJ 07458
201.327.8284
ENGINEER:
KEA ENGINEERS
186 WOOD AVE SOUTH
ISELIN, NJ 08830
432.635.0344
INTERIOR DESIGNER:
SUZANNE DEEN
428 N 2ND ST
PHILADELPHIA, PA
KEY PLAN
AREA OF WORK
VALLEY MEDICAL GROUP OBGYN 470 FRANKLIN TPKE RAMSEY, NJ 07446
REV DESCRIPTION	DATE
1	PLAN REVISION	08/30/19
2	WALL TYP, DIMS	10/02/19
3	HARDWARE	10/03/19
4	ID-100, ID-101	10/04/19
5	PLAN EXAM REV	10/07/19
SEAL
DOB BSCAN
PROJECT NUMBER:	19-13
DATE:	October 7, 2019
SHEET TITLE AND NUMBER:
A-001.00
GENERAL NOTES, LEGENDS,
AND ABBREVIATIONS
